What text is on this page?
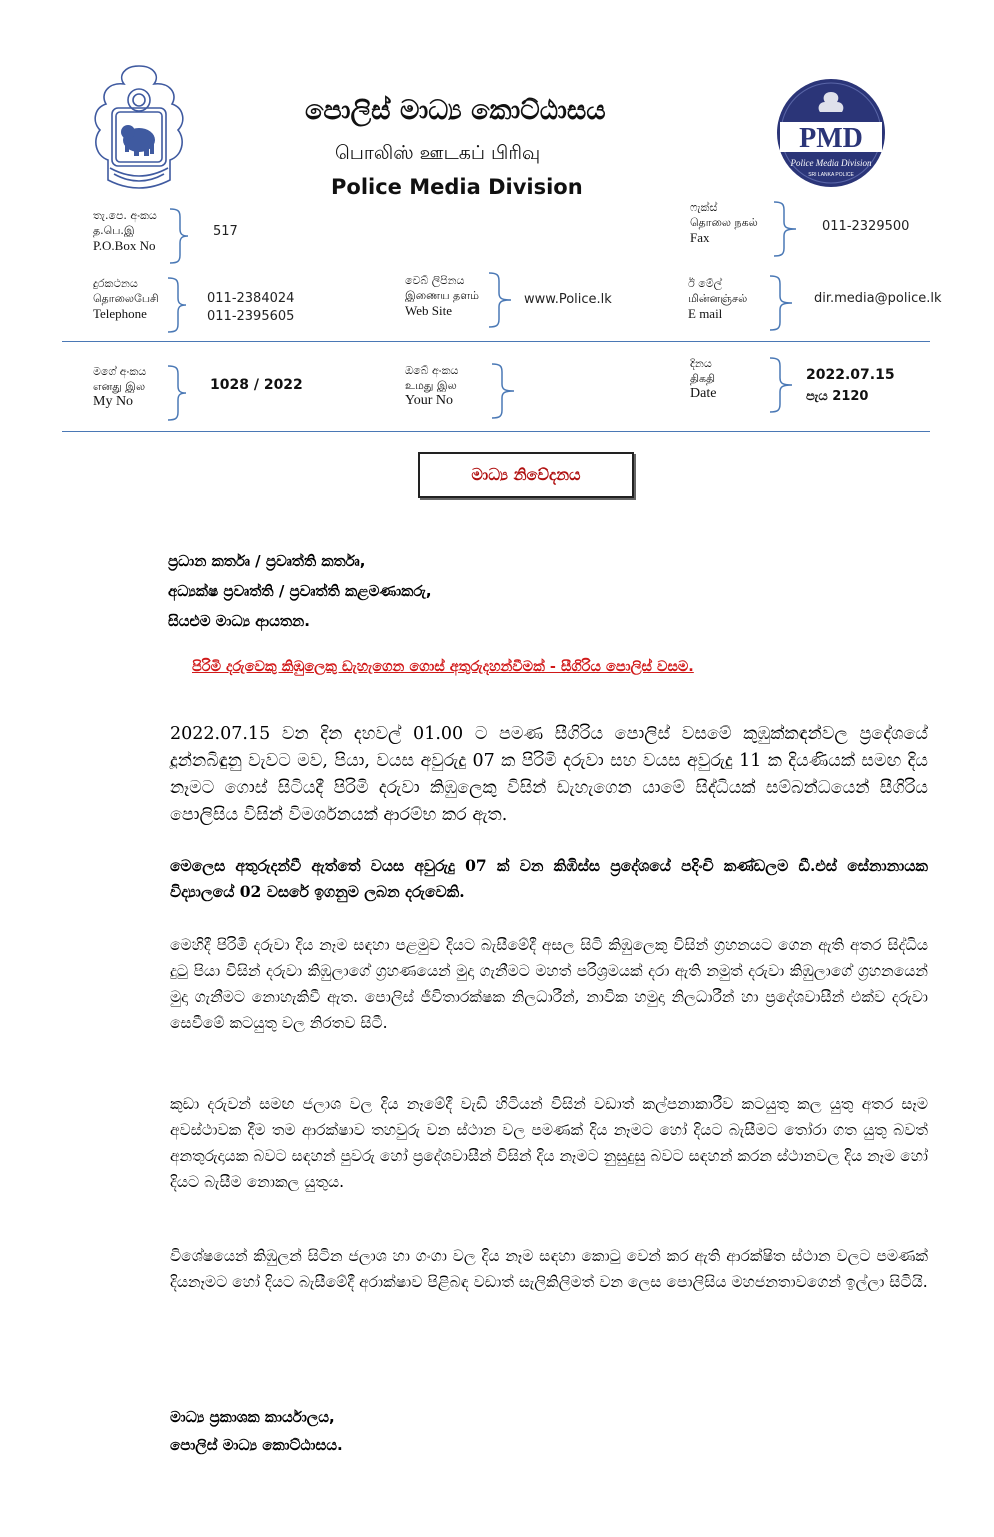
පොලිස් මාධ්‍ය කොට්ඨාසය
பொலிஸ் ஊடகப் பிரிவு
Police Media Division
PMD
Police Media Division
SRI LANKA POLICE
තැ.පෙ. අංකය
த.பெ.இ
P.O.Box No
517
ෆැක්ස්
தொலை நகல்
Fax
011-2329500
දුරකථනය
தொலைபேசி
Telephone
011-2384024
011-2395605
වෙබ් ලිපිනය
இணைய தளம்
Web Site
www.Police.lk
ඊ මේල්
மின்னஞ்சல்
E mail
dir.media@police.lk
මගේ අංකය
எனது இல
My No
1028 / 2022
ඔබේ අංකය
உமது இல
Your No
දිනය
திகதி
Date
2022.07.15
පැය 2120
මාධ්‍ය නිවේදනය
ප්‍රධාන කර්තෘ / ප්‍රවෘත්ති කර්තෘ,
අධ්‍යක්ෂ ප්‍රවෘත්ති / ප්‍රවෘත්ති කළමණාකරු,
සියළුම මාධ්‍ය ආයතන.
පිරිමි දරුවෙකු කිඹුලෙකු ඩැහැගෙන ගොස් අතුරුදහන්වීමක් - සීගිරිය පොලිස් වසම.
2022.07.15 වන දින දහවල් 01.00 ට පමණ සීගිරිය පොලිස් වසමේ කුඹුක්කඳන්වල ප්‍රදේශයේ දූන්නබිඳුනු වැවට මව, පියා, වයස අවුරුදු 07 ක පිරිමි දරුවා සහ වයස අවුරුදු 11 ක දියණියක් සමඟ දිය නෑමට ගොස් සිටියදී පිරිමි දරුවා කිඹුලෙකු විසින් ඩැහැගෙන යාමේ සිද්ධියක් සම්බන්ධයෙන් සීගිරිය පොලිසිය විසින් විමර්ශනයක් ආරම්භ කර ඇත.
මෙලෙස අතුරුදන්වී ඇත්තේ වයස අවුරුදු 07 ක් වන කිඹිස්ස ප්‍රදේශයේ පදිංචි කණ්ඩලම ඩී.එස් සේනානායක විද්‍යාලයේ 02 වසරේ ඉගනුම ලබන දරුවෙකි.
මෙහිදී පිරිමි දරුවා දිය නෑම සඳහා පළමුව දියට බැසීමේදී අසල සිටි කිඹුලෙකු විසින් ග්‍රහනයට ගෙන ඇති අතර සිද්ධිය දුටු පියා විසින් දරුවා කිඹුලාගේ ග්‍රහණයෙන් මුදා ගැනීමට මහත් පරිශ්‍රමයක් දරා ඇති නමුත් දරුවා කිඹුලාගේ ග්‍රහනයෙන් මුදා ගැනීමට නොහැකිවී ඇත. පොලිස් ජීවිතාරක්ෂක නිලධාරීන්, නාවික හමුදා නිලධාරීන් හා ප්‍රදේශවාසීන් එක්ව දරුවා සෙවීමේ කටයුතු වල නිරතව සිටී.
කුඩා දරුවන් සමඟ ජලාශ වල දිය නෑමේදී වැඩි හිටියන් විසින් වඩාත් කල්පනාකාරීව කටයුතු කල යුතු අතර සෑම අවස්ථාවක දීම තම ආරක්ෂාව තහවුරු වන ස්ථාන වල පමණක් දිය නෑමට හෝ දියට බැසීමට තෝරා ගත යුතු බවත් අනතුරුදායක බවට සඳහන් පුවරු හෝ ප්‍රදේශවාසීන් විසින් දිය නෑමට නුසුදුසු බවට සඳහන් කරන ස්ථානවල දිය නෑම හෝ දියට බැසීම නොකල යුතුය.
විශේෂයෙන් කිඹුලන් සිටින ජලාශ හා ගංගා වල දිය නෑම සඳහා කොටු වෙන් කර ඇති ආරක්ෂිත ස්ථාන වලට පමණක් දියනෑමට හෝ දියට බැසීමේදී අරාක්ෂාව පිළිබඳ වඩාත් සැලිකිලිමත් වන ලෙස පොලිසිය මහජනතාවගෙන් ඉල්ලා සිටියි.
මාධ්‍ය ප්‍රකාශක කාර්යාලය,
පොලිස් මාධ්‍ය කොට්ඨාසය.
